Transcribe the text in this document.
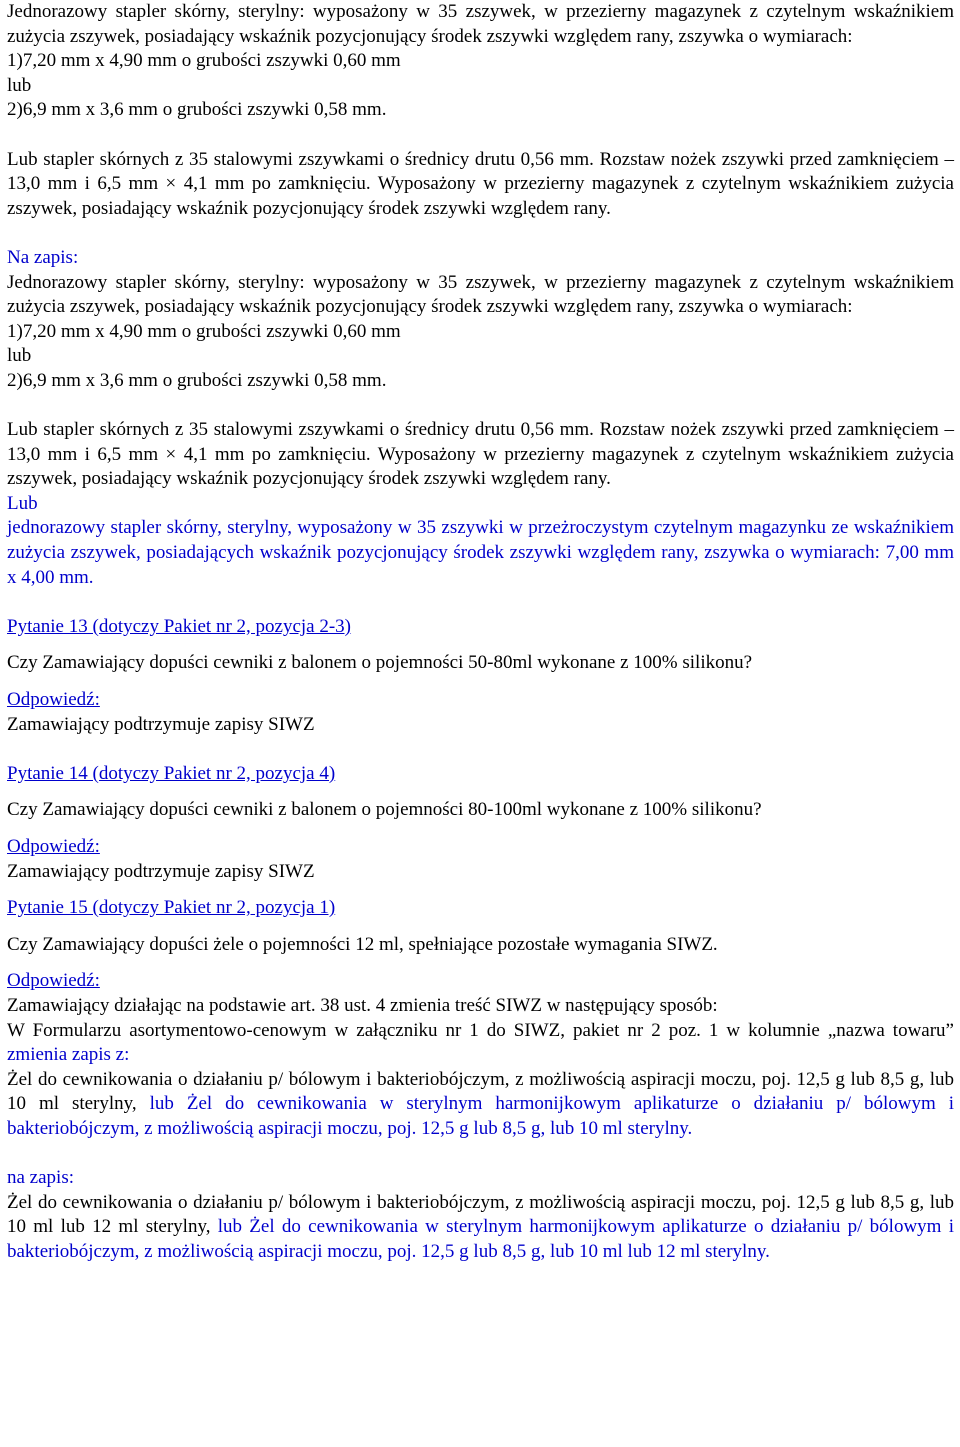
Jednorazowy stapler skórny, sterylny: wyposażony w 35 zszywek, w przezierny magazynek z czytelnym wskaźnikiem zużycia zszywek, posiadający wskaźnik pozycjonujący środek zszywki względem rany, zszywka o wymiarach:

1)7,20 mm x 4,90 mm o grubości zszywki 0,60 mm

lub

2)6,9 mm x 3,6 mm o grubości zszywki 0,58 mm.

Lub stapler skórnych z 35 stalowymi zszywkami o średnicy drutu 0,56 mm. Rozstaw nożek zszywki przed zamknięciem – 13,0 mm i 6,5 mm × 4,1 mm po zamknięciu. Wyposażony w przezierny magazynek z czytelnym wskaźnikiem zużycia zszywek, posiadający wskaźnik pozycjonujący środek zszywki względem rany.

Na zapis:

Jednorazowy stapler skórny, sterylny: wyposażony w 35 zszywek, w przezierny magazynek z czytelnym wskaźnikiem zużycia zszywek, posiadający wskaźnik pozycjonujący środek zszywki względem rany, zszywka o wymiarach:

1)7,20 mm x 4,90 mm o grubości zszywki 0,60 mm

lub

2)6,9 mm x 3,6 mm o grubości zszywki 0,58 mm.

Lub stapler skórnych z 35 stalowymi zszywkami o średnicy drutu 0,56 mm. Rozstaw nożek zszywki przed zamknięciem – 13,0 mm i 6,5 mm × 4,1 mm po zamknięciu. Wyposażony w przezierny magazynek z czytelnym wskaźnikiem zużycia zszywek, posiadający wskaźnik pozycjonujący środek zszywki względem rany.

Lub

jednorazowy stapler skórny, sterylny, wyposażony w 35 zszywki w przeżroczystym czytelnym magazynku ze wskaźnikiem zużycia zszywek, posiadających wskaźnik pozycjonujący środek zszywki względem rany, zszywka o wymiarach: 7,00 mm x 4,00 mm.

Pytanie 13 (dotyczy Pakiet nr 2, pozycja 2-3)

Czy Zamawiający dopuści cewniki z balonem o pojemności 50-80ml wykonane z 100% silikonu?

Odpowiedź:

Zamawiający podtrzymuje zapisy SIWZ

Pytanie 14 (dotyczy Pakiet nr 2, pozycja 4)

Czy Zamawiający dopuści cewniki z balonem o pojemności 80-100ml wykonane z 100% silikonu?

Odpowiedź:

Zamawiający podtrzymuje zapisy SIWZ

Pytanie 15 (dotyczy Pakiet nr 2, pozycja 1)

Czy Zamawiający dopuści żele o pojemności 12 ml, spełniające pozostałe wymagania SIWZ.

Odpowiedź:

Zamawiający działając na podstawie art. 38 ust. 4 zmienia treść SIWZ w następujący sposób:

W Formularzu asortymentowo-cenowym w załączniku nr 1 do SIWZ, pakiet nr 2 poz. 1 w kolumnie „nazwa towaru” zmienia zapis z:

Żel do cewnikowania o działaniu p/ bólowym i bakteriobójczym, z możliwością aspiracji moczu, poj. 12,5 g lub 8,5 g, lub 10 ml sterylny, lub Żel do cewnikowania w sterylnym harmonijkowym aplikaturze o działaniu p/ bólowym i bakteriobójczym, z możliwością aspiracji moczu, poj. 12,5 g lub 8,5 g, lub 10 ml sterylny.

na zapis:

Żel do cewnikowania o działaniu p/ bólowym i bakteriobójczym, z możliwością aspiracji moczu, poj. 12,5 g lub 8,5 g, lub 10 ml lub 12 ml sterylny, lub Żel do cewnikowania w sterylnym harmonijkowym aplikaturze o działaniu p/ bólowym i bakteriobójczym, z możliwością aspiracji moczu, poj. 12,5 g lub 8,5 g, lub 10 ml lub 12 ml sterylny.
